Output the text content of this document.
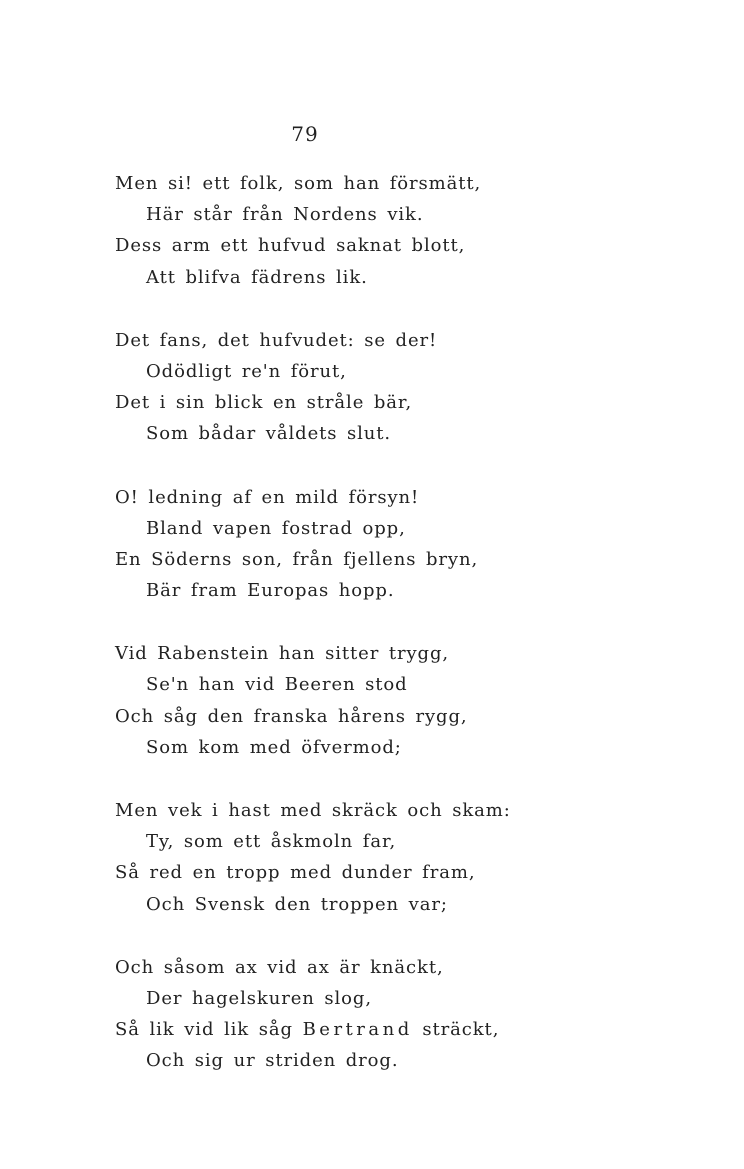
79
Men si! ett folk, som han försmätt,
Här står från Nordens vik.
Dess arm ett hufvud saknat blott,
Att blifva fädrens lik.
Det fans, det hufvudet: se der!
Odödligt re'n förut,
Det i sin blick en stråle bär,
Som bådar våldets slut.
O! ledning af en mild försyn!
Bland vapen fostrad opp,
En Söderns son, från fjellens bryn,
Bär fram Europas hopp.
Vid Rabenstein han sitter trygg,
Se'n han vid Beeren stod
Och såg den franska hårens rygg,
Som kom med öfvermod;
Men vek i hast med skräck och skam:
Ty, som ett åskmoln far,
Så red en tropp med dunder fram,
Och Svensk den troppen var;
Och såsom ax vid ax är knäckt,
Der hagelskuren slog,
Så lik vid lik såg Bertrand sträckt,
Och sig ur striden drog.
